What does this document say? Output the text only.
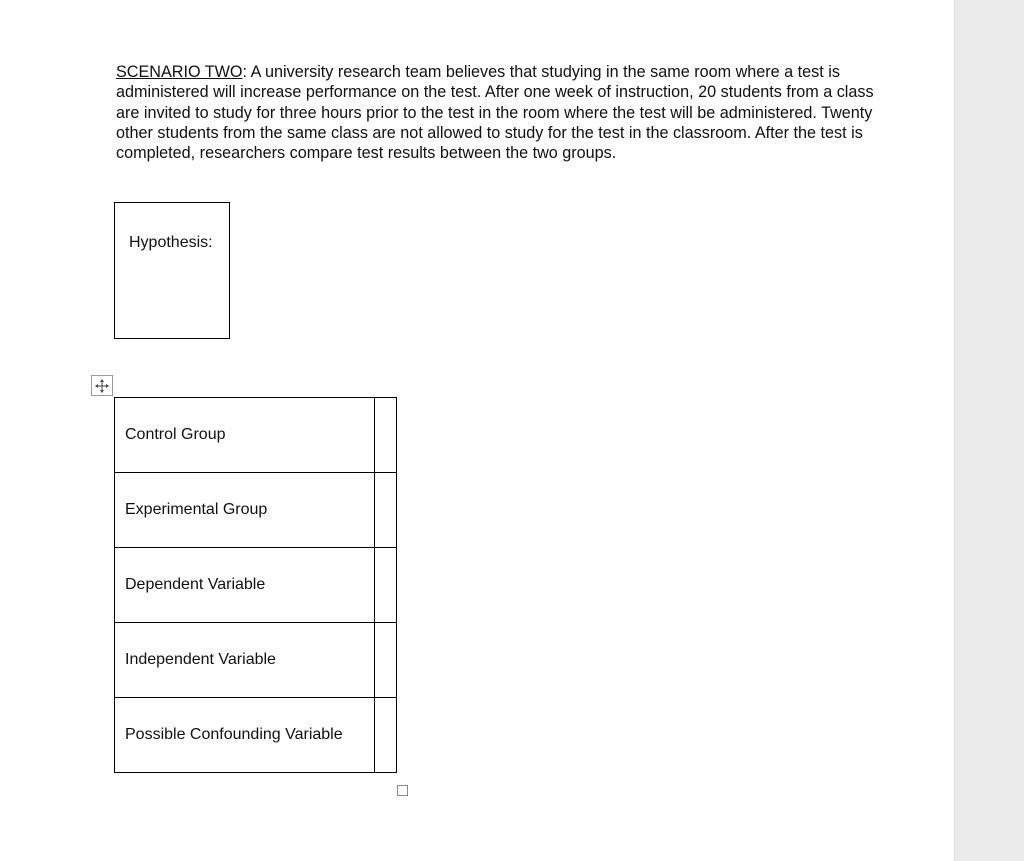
SCENARIO TWO: A university research team believes that studying in the same room where a test is administered will increase performance on the test. After one week of instruction, 20 students from a class are invited to study for three hours prior to the test in the room where the test will be administered. Twenty other students from the same class are not allowed to study for the test in the classroom. After the test is completed, researchers compare test results between the two groups.

Hypothesis:
Control Group	
Experimental Group	
Dependent Variable	
Independent Variable	
Possible Confounding Variable	
